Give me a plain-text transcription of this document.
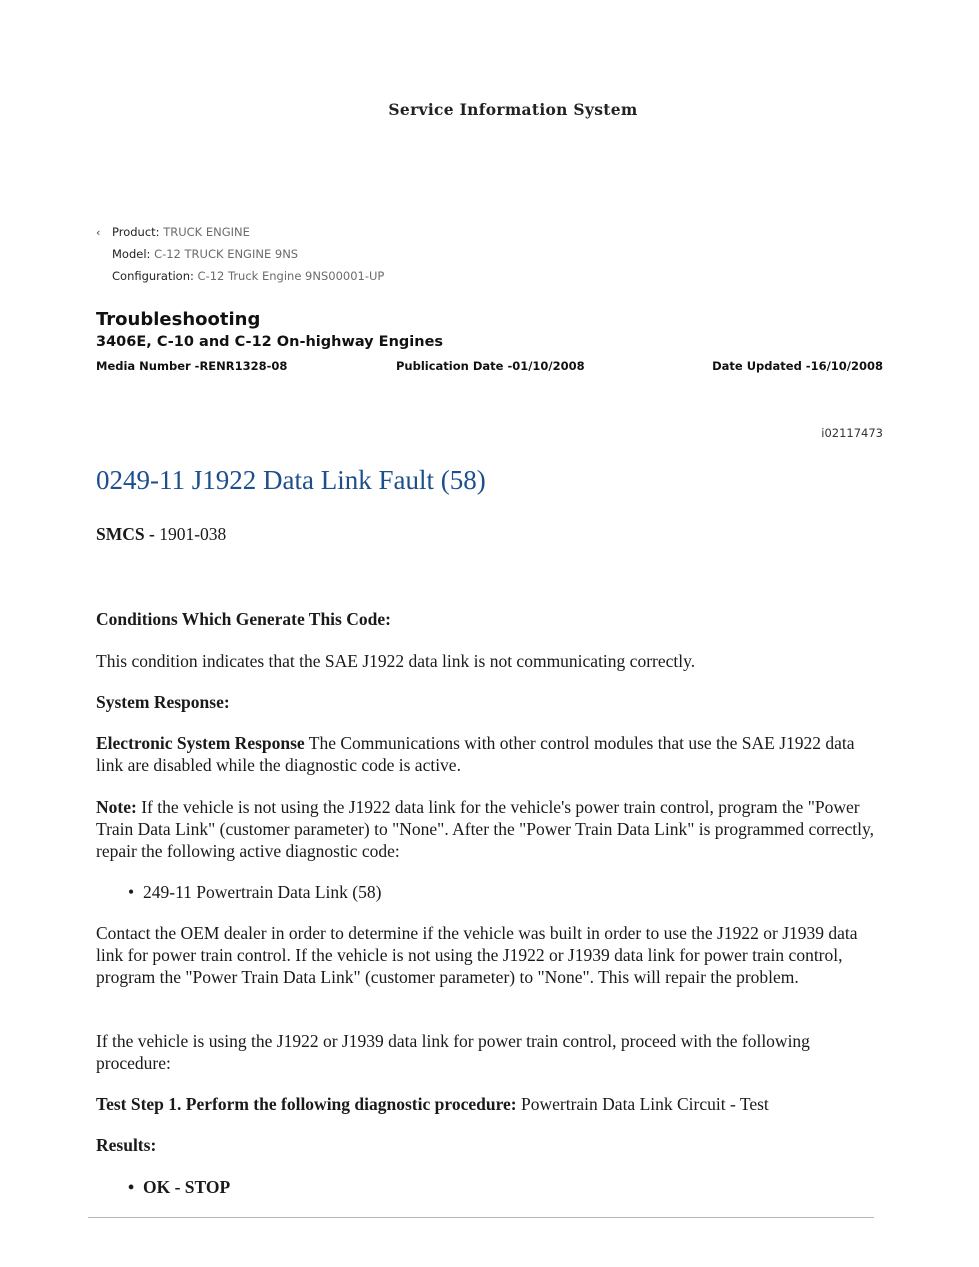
Service Information System
‹ Product: TRUCK ENGINE
Model: C-12 TRUCK ENGINE 9NS
Configuration: C-12 Truck Engine 9NS00001-UP
Troubleshooting
3406E, C-10 and C-12 On-highway Engines
Media Number -RENR1328-08	Publication Date -01/10/2008	Date Updated -16/10/2008
i02117473
0249-11 J1922 Data Link Fault (58)

SMCS - 1901-038

Conditions Which Generate This Code:

This condition indicates that the SAE J1922 data link is not communicating correctly.

System Response:

Electronic System Response The Communications with other control modules that use the SAE J1922 data link are disabled while the diagnostic code is active.

Note: If the vehicle is not using the J1922 data link for the vehicle's power train control, program the "Power Train Data Link" (customer parameter) to "None". After the "Power Train Data Link" is programmed correctly, repair the following active diagnostic code:

• 249-11 Powertrain Data Link (58)

Contact the OEM dealer in order to determine if the vehicle was built in order to use the J1922 or J1939 data link for power train control. If the vehicle is not using the J1922 or J1939 data link for power train control, program the "Power Train Data Link" (customer parameter) to "None". This will repair the problem.

If the vehicle is using the J1922 or J1939 data link for power train control, proceed with the following procedure:

Test Step 1. Perform the following diagnostic procedure: Powertrain Data Link Circuit - Test

Results:

• OK - STOP
